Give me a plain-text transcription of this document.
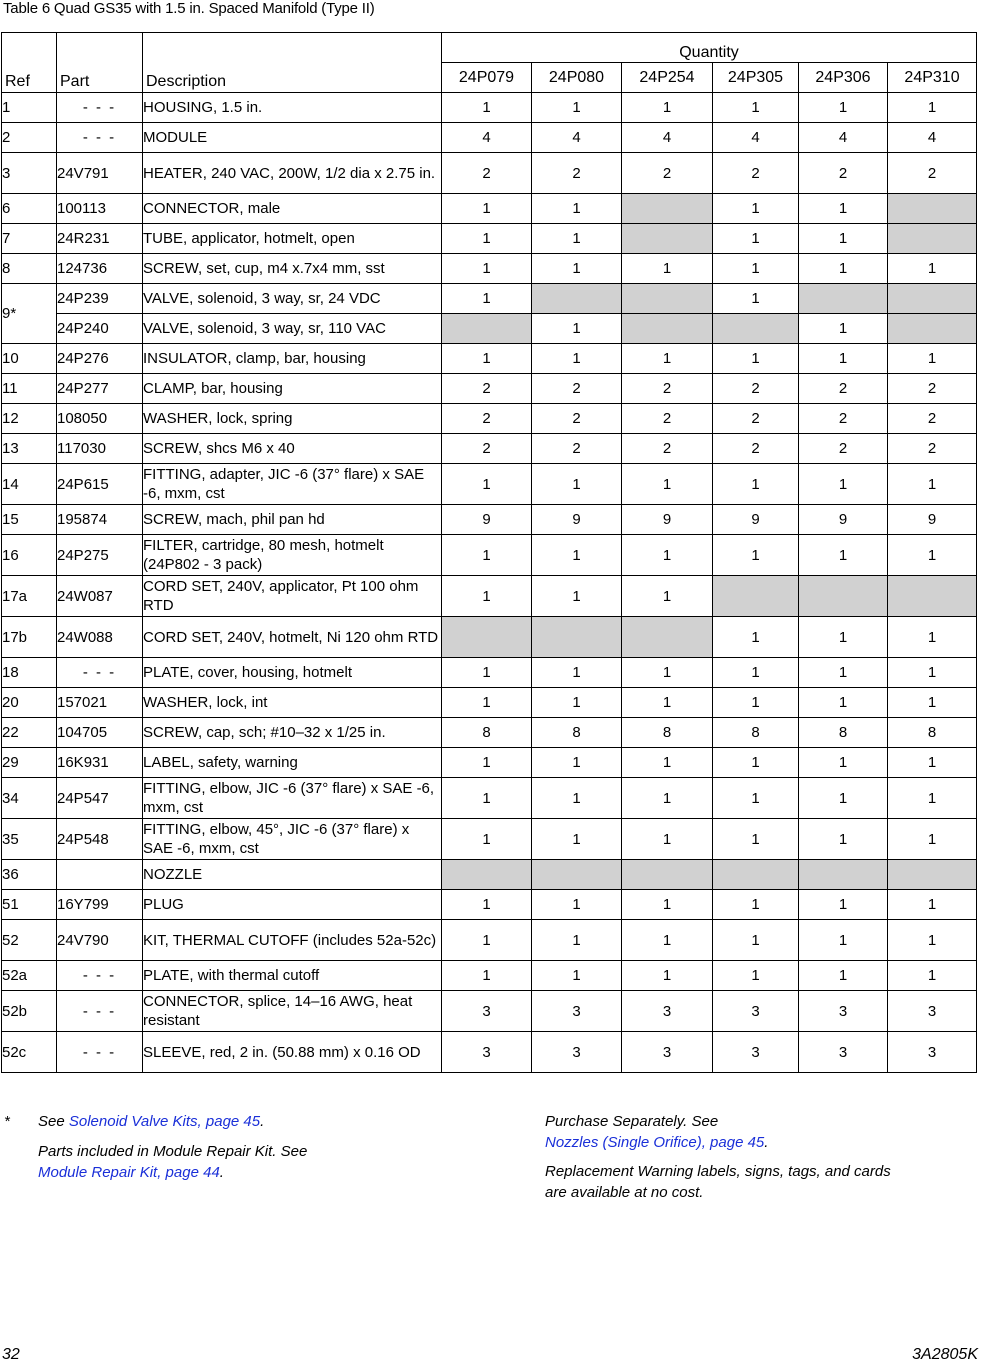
Table 6 Quad GS35 with 1.5 in. Spaced Manifold (Type II)
Ref	Part	Description	Quantity					
			24P079	24P080	24P254	24P305	24P306	24P310
1	- - -	HOUSING, 1.5 in.	1	1	1	1	1	1
2	- - -	MODULE	4	4	4	4	4	4
3	24V791	HEATER, 240 VAC, 200W, 1/2 dia x 2.75 in.	2	2	2	2	2	2
6	100113	CONNECTOR, male	1	1		1	1	
7	24R231	TUBE, applicator, hotmelt, open	1	1		1	1	
8	124736	SCREW, set, cup, m4 x.7x4 mm, sst	1	1	1	1	1	1
9*	24P239	VALVE, solenoid, 3 way, sr, 24 VDC	1			1		
	24P240	VALVE, solenoid, 3 way, sr, 110 VAC		1			1	
10	24P276	INSULATOR, clamp, bar, housing	1	1	1	1	1	1
11	24P277	CLAMP, bar, housing	2	2	2	2	2	2
12	108050	WASHER, lock, spring	2	2	2	2	2	2
13	117030	SCREW, shcs M6 x 40	2	2	2	2	2	2
14	24P615	FITTING, adapter, JIC -6 (37° flare) x SAE -6, mxm, cst	1	1	1	1	1	1
15	195874	SCREW, mach, phil pan hd	9	9	9	9	9	9
16	24P275	FILTER, cartridge, 80 mesh, hotmelt (24P802 - 3 pack)	1	1	1	1	1	1
17a	24W087	CORD SET, 240V, applicator, Pt 100 ohm RTD	1	1	1			
17b	24W088	CORD SET, 240V, hotmelt, Ni 120 ohm RTD				1	1	1
18	- - -	PLATE, cover, housing, hotmelt	1	1	1	1	1	1
20	157021	WASHER, lock, int	1	1	1	1	1	1
22	104705	SCREW, cap, sch; #10–32 x 1/25 in.	8	8	8	8	8	8
29	16K931	LABEL, safety, warning	1	1	1	1	1	1
34	24P547	FITTING, elbow, JIC -6 (37° flare) x SAE -6, mxm, cst	1	1	1	1	1	1
35	24P548	FITTING, elbow, 45°, JIC -6 (37° flare) x SAE -6, mxm, cst	1	1	1	1	1	1
36		NOZZLE						
51	16Y799	PLUG	1	1	1	1	1	1
52	24V790	KIT, THERMAL CUTOFF (includes 52a-52c)	1	1	1	1	1	1
52a	- - -	PLATE, with thermal cutoff	1	1	1	1	1	1
52b	- - -	CONNECTOR, splice, 14–16 AWG, heat resistant	3	3	3	3	3	3
52c	- - -	SLEEVE, red, 2 in. (50.88 mm) x 0.16 OD	3	3	3	3	3	3
* See Solenoid Valve Kits, page 45.
Parts included in Module Repair Kit. See
Module Repair Kit, page 44.
Purchase Separately. See
Nozzles (Single Orifice), page 45.
Replacement Warning labels, signs, tags, and cards
are available at no cost.
32	3A2805K
